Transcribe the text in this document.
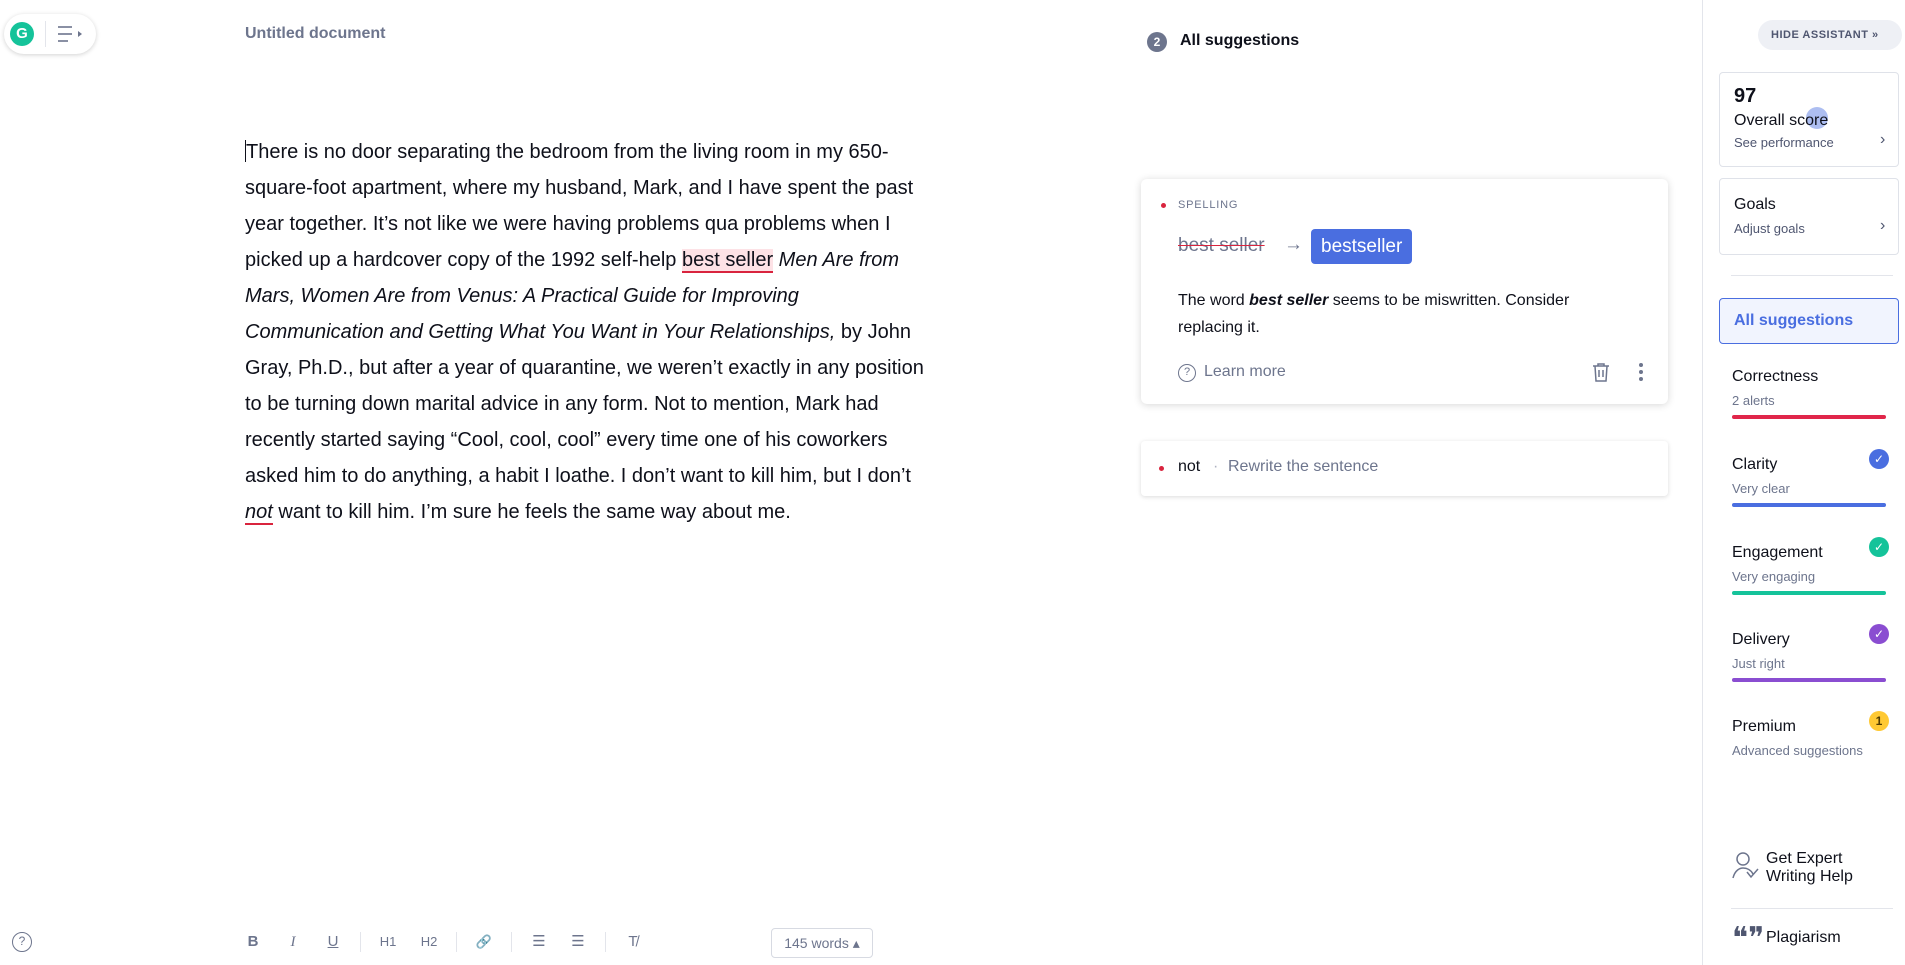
G	Untitled document
There is no door separating the bedroom from the living room in my 650-square-foot apartment, where my husband, Mark, and I have spent the past year together. It’s not like we were having problems qua problems when I picked up a hardcover copy of the 1992 self-help best seller Men Are from Mars, Women Are from Venus: A Practical Guide for Improving Communication and Getting What You Want in Your Relationships, by John Gray, Ph.D., but after a year of quarantine, we weren’t exactly in any position to be turning down marital advice in any form. Not to mention, Mark had recently started saying “Cool, cool, cool” every time one of his coworkers asked him to do anything, a habit I loathe. I don’t want to kill him, but I don’t not want to kill him. I’m sure he feels the same way about me.
?	B	I	U	H1 H2	🔗	☰	☰	T̸	145 words ▴
2	All suggestions
SPELLING
best seller → bestseller
The word best seller seems to be miswritten. Consider replacing it.
? Learn more
not · Rewrite the sentence
HIDE ASSISTANT »
97
Overall score
See performance	›
Goals
Adjust goals	›
All suggestions
Correctness
2 alerts
Clarity
Very clear
✓
Engagement
Very engaging
✓
Delivery
Just right
✓
Premium
Advanced suggestions
1
Get Expert Writing Help
❝❞ Plagiarism
